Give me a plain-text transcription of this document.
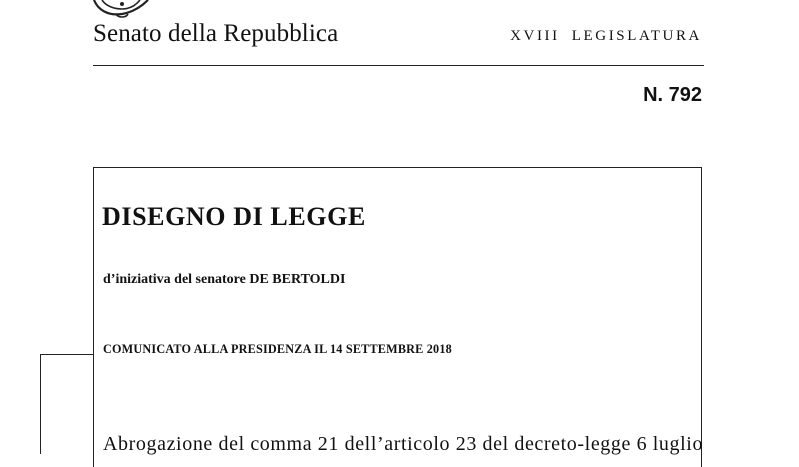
Senato della Repubblica	XVIII LEGISLATURA
N. 792
DISEGNO DI LEGGE
d’iniziativa del senatore DE BERTOLDI
COMUNICATO ALLA PRESIDENZA IL 14 SETTEMBRE 2018
Abrogazione del comma 21 dell’articolo 23 del decreto-legge 6 luglio
